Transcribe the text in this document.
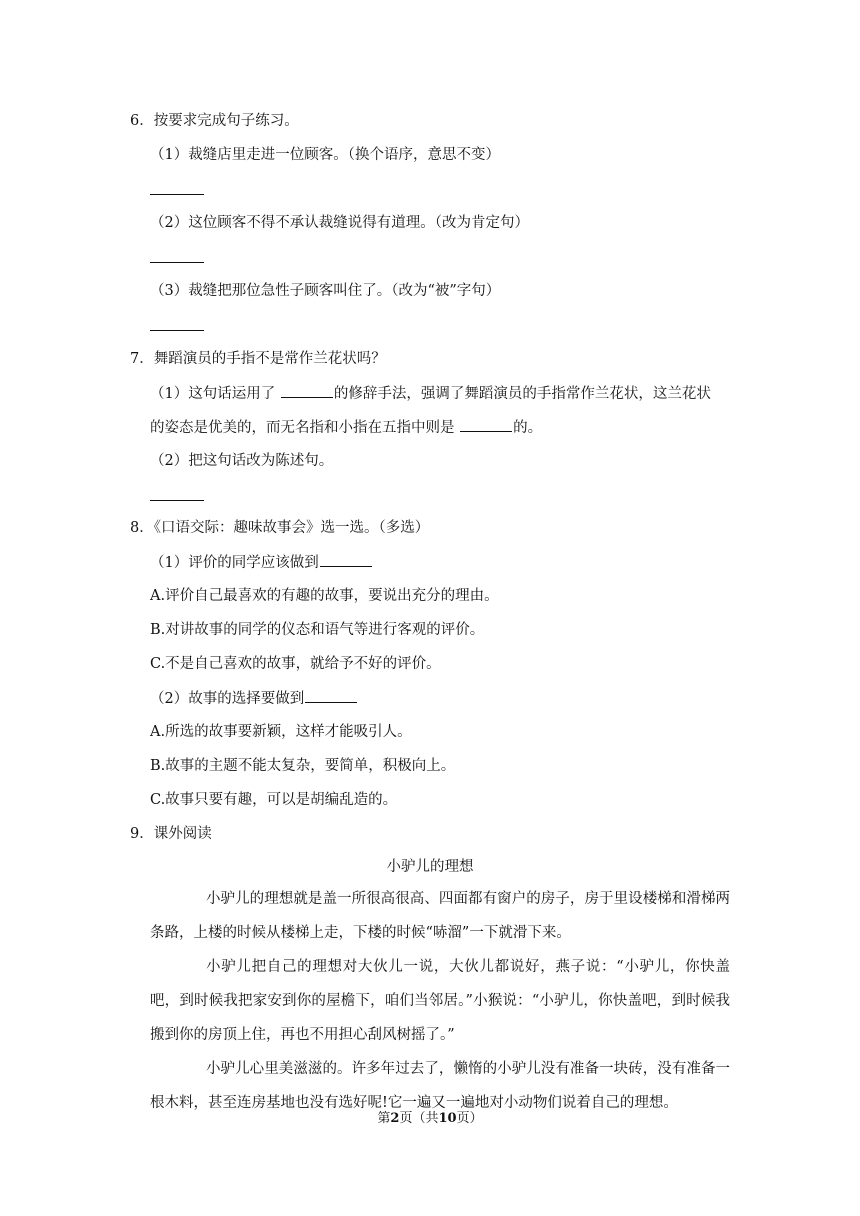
6．按要求完成句子练习。
（1）裁缝店里走进一位顾客。（换个语序，意思不变）
（2）这位顾客不得不承认裁缝说得有道理。（改为肯定句）
（3）裁缝把那位急性子顾客叫住了。（改为“被”字句）
7．舞蹈演员的手指不是常作兰花状吗？
（1）这句话运用了	的修辞手法，强调了舞蹈演员的手指常作兰花状，这兰花状
的姿态是优美的，而无名指和小指在五指中则是	的。
（2）把这句话改为陈述句。
8．《口语交际：趣味故事会》选一选。（多选）
（1）评价的同学应该做到
A.评价自己最喜欢的有趣的故事，要说出充分的理由。
B.对讲故事的同学的仪态和语气等进行客观的评价。
C.不是自己喜欢的故事，就给予不好的评价。
（2）故事的选择要做到
A.所选的故事要新颖，这样才能吸引人。
B.故事的主题不能太复杂，要简单，积极向上。
C.故事只要有趣，可以是胡编乱造的。
9．课外阅读
小驴儿的理想
小驴儿的理想就是盖一所很高很高、四面都有窗户的房子，房于里设楼梯和滑梯两条路，上楼的时候从楼梯上走，下楼的时候“哧溜”一下就滑下来。
小驴儿把自己的理想对大伙儿一说，大伙儿都说好，燕子说：“小驴儿，你快盖吧，到时候我把家安到你的屋檐下，咱们当邻居。”小猴说：“小驴儿，你快盖吧，到时候我搬到你的房顶上住，再也不用担心刮风树摇了。”
小驴儿心里美滋滋的。许多年过去了，懒惰的小驴儿没有准备一块砖，没有准备一根木料，甚至连房基地也没有选好呢!它一遍又一遍地对小动物们说着自己的理想。
第2页（共10页）
